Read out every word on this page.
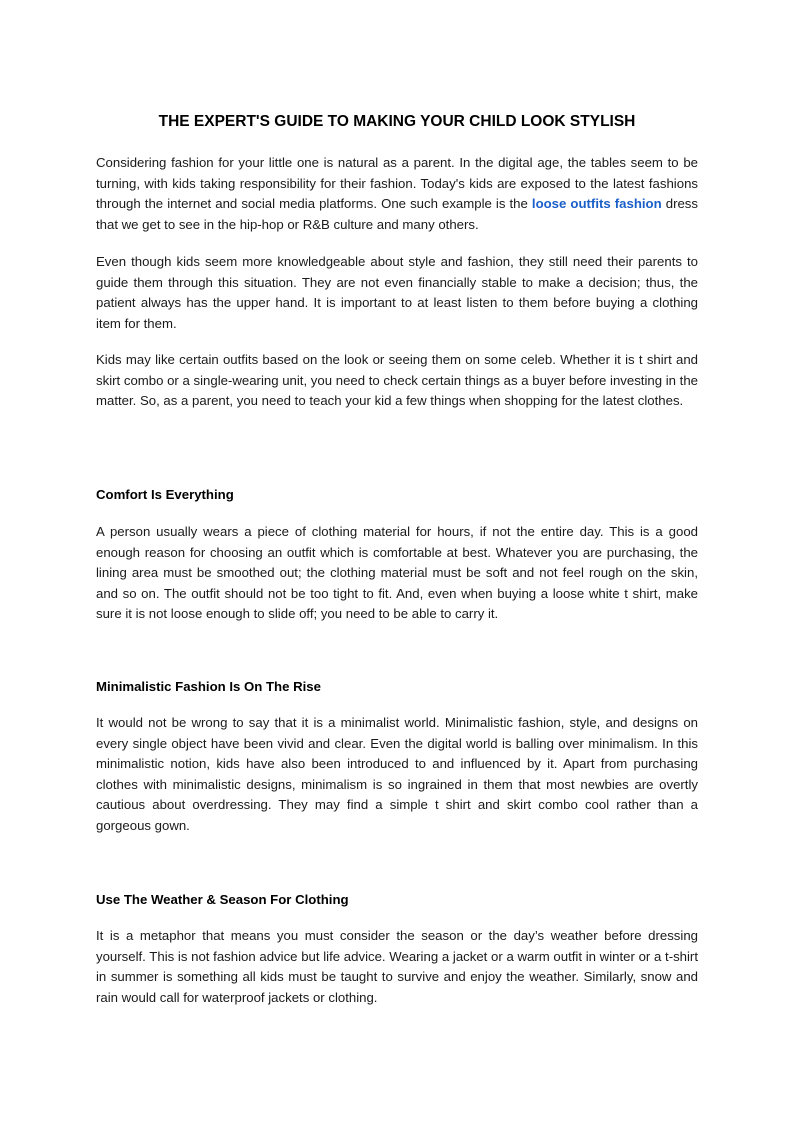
THE EXPERT'S GUIDE TO MAKING YOUR CHILD LOOK STYLISH

Considering fashion for your little one is natural as a parent. In the digital age, the tables seem to be turning, with kids taking responsibility for their fashion. Today's kids are exposed to the latest fashions through the internet and social media platforms. One such example is the loose outfits fashion dress that we get to see in the hip-hop or R&B culture and many others.

Even though kids seem more knowledgeable about style and fashion, they still need their parents to guide them through this situation. They are not even financially stable to make a decision; thus, the patient always has the upper hand. It is important to at least listen to them before buying a clothing item for them.

Kids may like certain outfits based on the look or seeing them on some celeb. Whether it is t shirt and skirt combo or a single-wearing unit, you need to check certain things as a buyer before investing in the matter. So, as a parent, you need to teach your kid a few things when shopping for the latest clothes.

Comfort Is Everything

A person usually wears a piece of clothing material for hours, if not the entire day. This is a good enough reason for choosing an outfit which is comfortable at best. Whatever you are purchasing, the lining area must be smoothed out; the clothing material must be soft and not feel rough on the skin, and so on. The outfit should not be too tight to fit. And, even when buying a loose white t shirt, make sure it is not loose enough to slide off; you need to be able to carry it.

Minimalistic Fashion Is On The Rise

It would not be wrong to say that it is a minimalist world. Minimalistic fashion, style, and designs on every single object have been vivid and clear. Even the digital world is balling over minimalism. In this minimalistic notion, kids have also been introduced to and influenced by it. Apart from purchasing clothes with minimalistic designs, minimalism is so ingrained in them that most newbies are overtly cautious about overdressing. They may find a simple t shirt and skirt combo cool rather than a gorgeous gown.

Use The Weather & Season For Clothing

It is a metaphor that means you must consider the season or the day’s weather before dressing yourself. This is not fashion advice but life advice. Wearing a jacket or a warm outfit in winter or a t-shirt in summer is something all kids must be taught to survive and enjoy the weather. Similarly, snow and rain would call for waterproof jackets or clothing.
